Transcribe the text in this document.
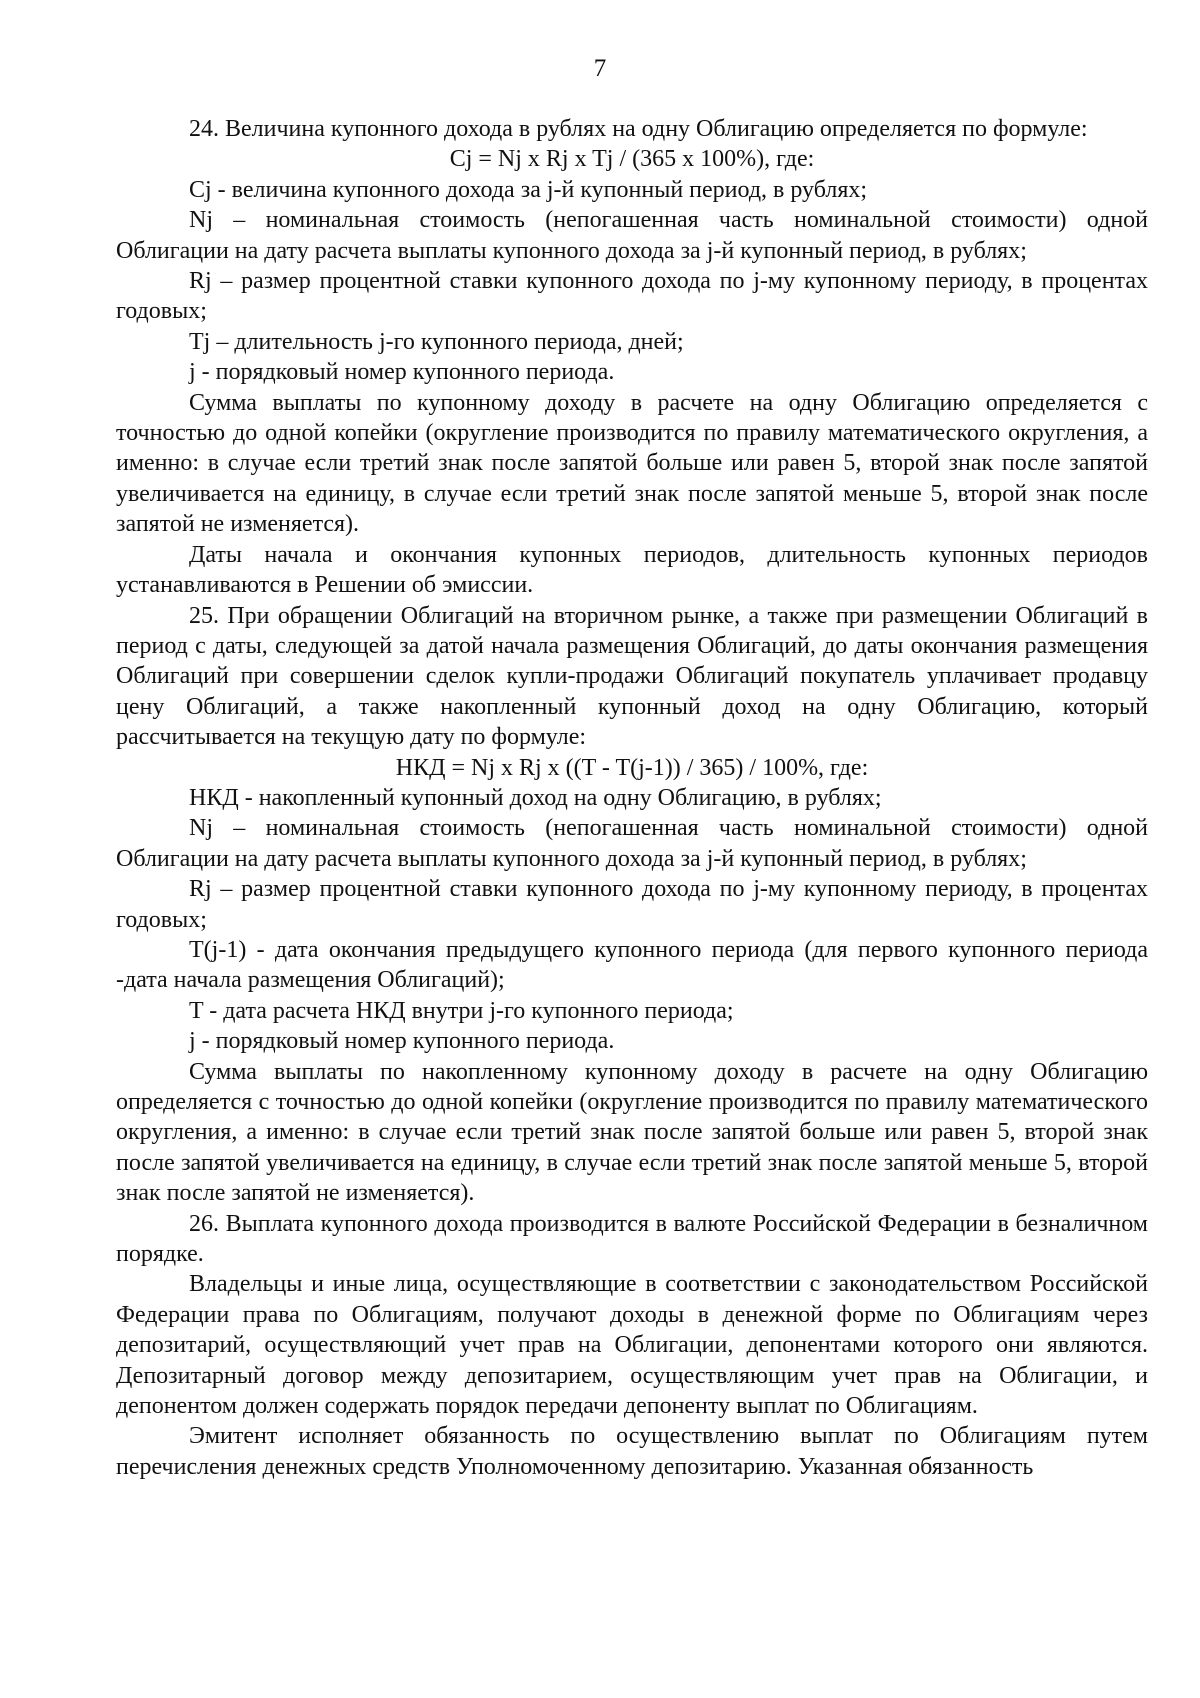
7

24. Величина купонного дохода в рублях на одну Облигацию определяется по формуле:

Cj = Nj x Rj x Tj / (365 x 100%), где:

Cj - величина купонного дохода за j-й купонный период, в рублях;

Nj – номинальная стоимость (непогашенная часть номинальной стоимости) одной Облигации на дату расчета выплаты купонного дохода за j-й купонный период, в рублях;

Rj – размер процентной ставки купонного дохода по j-му купонному периоду, в процентах годовых;

Tj – длительность j-го купонного периода, дней;

j - порядковый номер купонного периода.

Сумма выплаты по купонному доходу в расчете на одну Облигацию определяется с точностью до одной копейки (округление производится по правилу математического округления, а именно: в случае если третий знак после запятой больше или равен 5, второй знак после запятой увеличивается на единицу, в случае если третий знак после запятой меньше 5, второй знак после запятой не изменяется).

Даты начала и окончания купонных периодов, длительность купонных периодов устанавливаются в Решении об эмиссии.

25. При обращении Облигаций на вторичном рынке, а также при размещении Облигаций в период с даты, следующей за датой начала размещения Облигаций, до даты окончания размещения Облигаций при совершении сделок купли-продажи Облигаций покупатель уплачивает продавцу цену Облигаций, а также накопленный купонный доход на одну Облигацию, который рассчитывается на текущую дату по формуле:

НКД = Nj x Rj x ((T - T(j-1)) / 365) / 100%, где:

НКД - накопленный купонный доход на одну Облигацию, в рублях;

Nj – номинальная стоимость (непогашенная часть номинальной стоимости) одной Облигации на дату расчета выплаты купонного дохода за j-й купонный период, в рублях;

Rj – размер процентной ставки купонного дохода по j-му купонному периоду, в процентах годовых;

T(j-1) - дата окончания предыдущего купонного периода (для первого купонного периода -дата начала размещения Облигаций);

T - дата расчета НКД внутри j-го купонного периода;

j - порядковый номер купонного периода.

Сумма выплаты по накопленному купонному доходу в расчете на одну Облигацию определяется с точностью до одной копейки (округление производится по правилу математического округления, а именно: в случае если третий знак после запятой больше или равен 5, второй знак после запятой увеличивается на единицу, в случае если третий знак после запятой меньше 5, второй знак после запятой не изменяется).

26. Выплата купонного дохода производится в валюте Российской Федерации в безналичном порядке.

Владельцы и иные лица, осуществляющие в соответствии с законодательством Российской Федерации права по Облигациям, получают доходы в денежной форме по Облигациям через депозитарий, осуществляющий учет прав на Облигации, депонентами которого они являются. Депозитарный договор между депозитарием, осуществляющим учет прав на Облигации, и депонентом должен содержать порядок передачи депоненту выплат по Облигациям.

Эмитент исполняет обязанность по осуществлению выплат по Облигациям путем перечисления денежных средств Уполномоченному депозитарию. Указанная обязанность
